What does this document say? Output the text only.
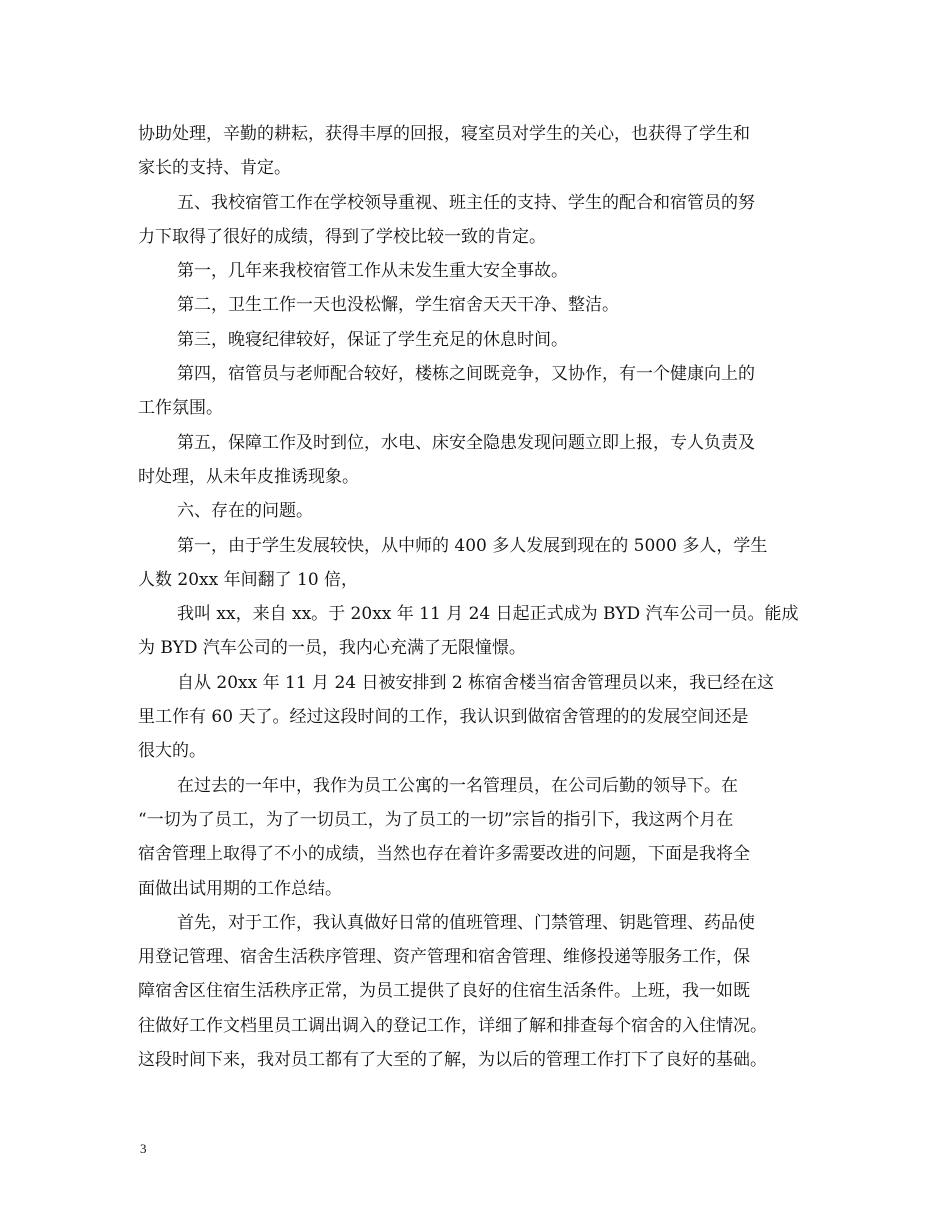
协助处理，辛勤的耕耘，获得丰厚的回报，寝室员对学生的关心，也获得了学生和
家长的支持、肯定。
五、我校宿管工作在学校领导重视、班主任的支持、学生的配合和宿管员的努
力下取得了很好的成绩，得到了学校比较一致的肯定。
第一，几年来我校宿管工作从未发生重大安全事故。
第二，卫生工作一天也没松懈，学生宿舍天天干净、整洁。
第三，晚寝纪律较好，保证了学生充足的休息时间。
第四，宿管员与老师配合较好，楼栋之间既竞争，又协作，有一个健康向上的
工作氛围。
第五，保障工作及时到位，水电、床安全隐患发现问题立即上报，专人负责及
时处理，从未年皮推诱现象。
六、存在的问题。
第一，由于学生发展较快，从中师的 400 多人发展到现在的 5000 多人，学生
人数 20xx 年间翻了 10 倍，
我叫 xx，来自 xx。于 20xx 年 11 月 24 日起正式成为 BYD 汽车公司一员。能成
为 BYD 汽车公司的一员，我内心充满了无限憧憬。
自从 20xx 年 11 月 24 日被安排到 2 栋宿舍楼当宿舍管理员以来，我已经在这
里工作有 60 天了。经过这段时间的工作，我认识到做宿舍管理的的发展空间还是
很大的。
在过去的一年中，我作为员工公寓的一名管理员，在公司后勤的领导下。在
“一切为了员工，为了一切员工，为了员工的一切”宗旨的指引下，我这两个月在
宿舍管理上取得了不小的成绩，当然也存在着许多需要改进的问题，下面是我将全
面做出试用期的工作总结。
首先，对于工作，我认真做好日常的值班管理、门禁管理、钥匙管理、药品使
用登记管理、宿舍生活秩序管理、资产管理和宿舍管理、维修投递等服务工作，保
障宿舍区住宿生活秩序正常，为员工提供了良好的住宿生活条件。上班，我一如既
往做好工作文档里员工调出调入的登记工作，详细了解和排查每个宿舍的入住情况。
这段时间下来，我对员工都有了大至的了解，为以后的管理工作打下了良好的基础。
3
